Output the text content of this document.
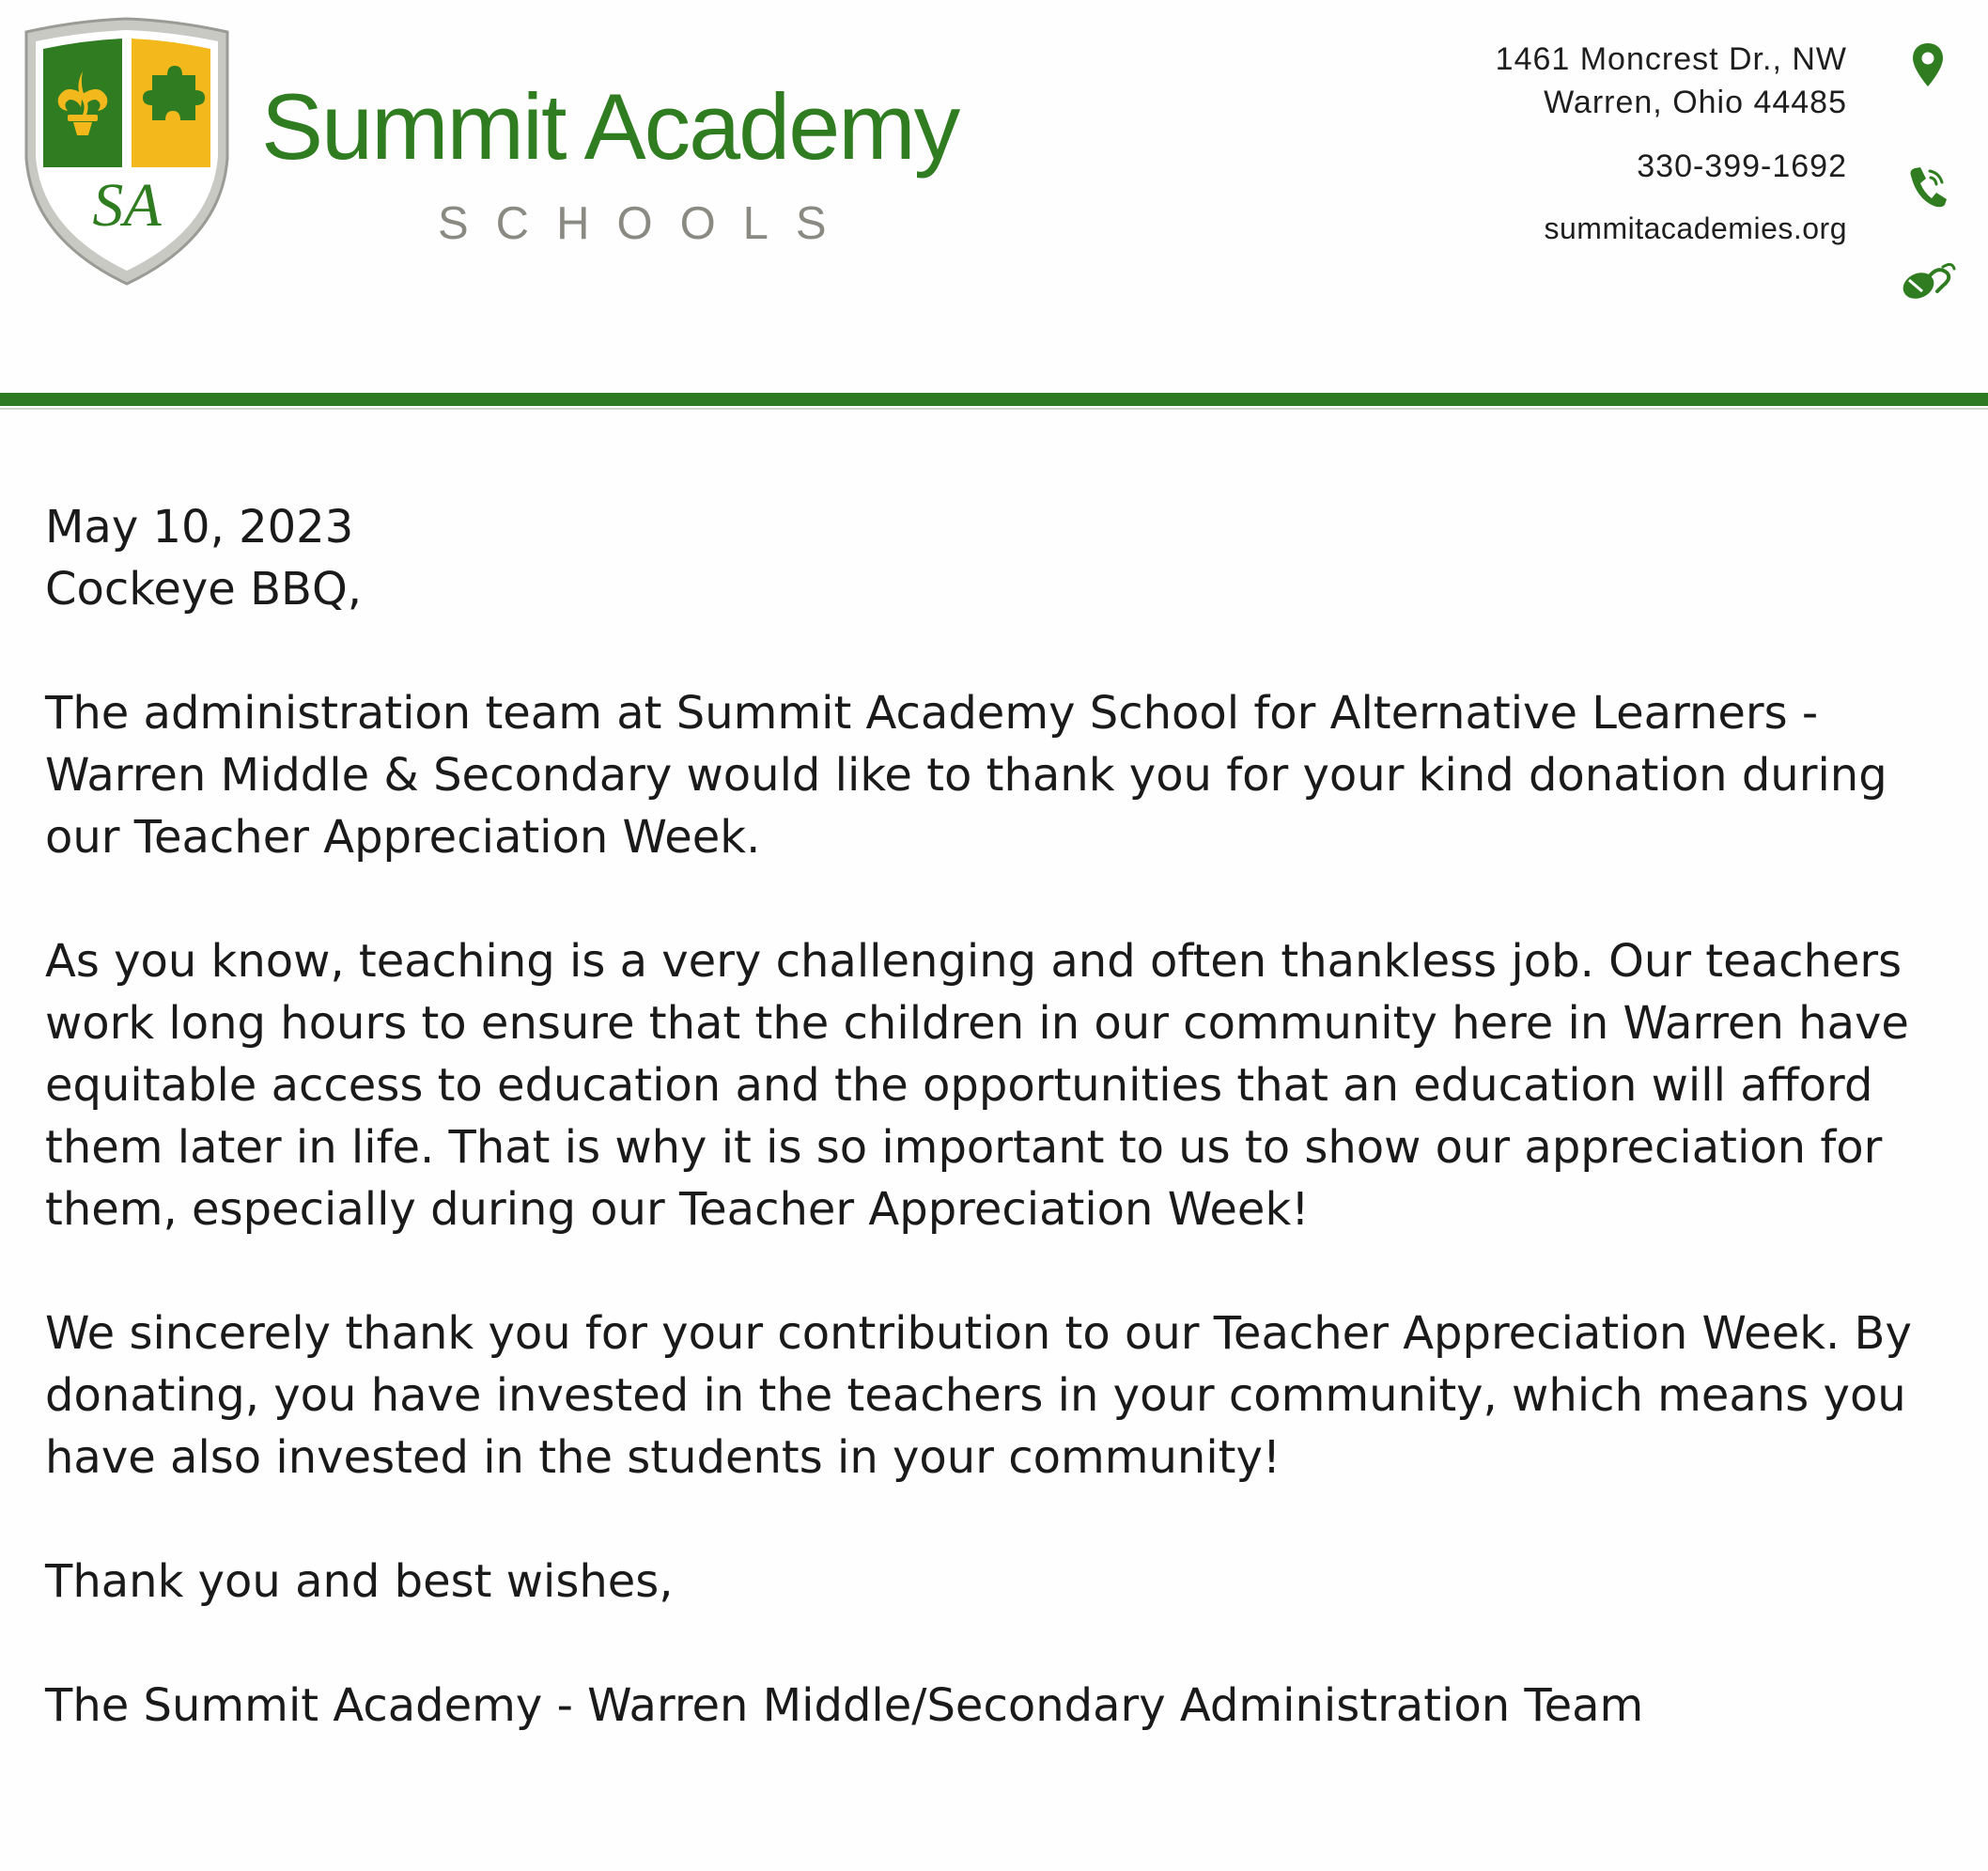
SA
Summit Academy
SCHOOLS
1461 Moncrest Dr., NW
Warren, Ohio 44485
330-399-1692
summitacademies.org

May 10, 2023

Cockeye BBQ,

The administration team at Summit Academy School for Alternative Learners - Warren Middle & Secondary would like to thank you for your kind donation during our Teacher Appreciation Week.

As you know, teaching is a very challenging and often thankless job. Our teachers work long hours to ensure that the children in our community here in Warren have equitable access to education and the opportunities that an education will afford them later in life. That is why it is so important to us to show our appreciation for them, especially during our Teacher Appreciation Week!

We sincerely thank you for your contribution to our Teacher Appreciation Week. By donating, you have invested in the teachers in your community, which means you have also invested in the students in your community!

Thank you and best wishes,

The Summit Academy - Warren Middle/Secondary Administration Team
